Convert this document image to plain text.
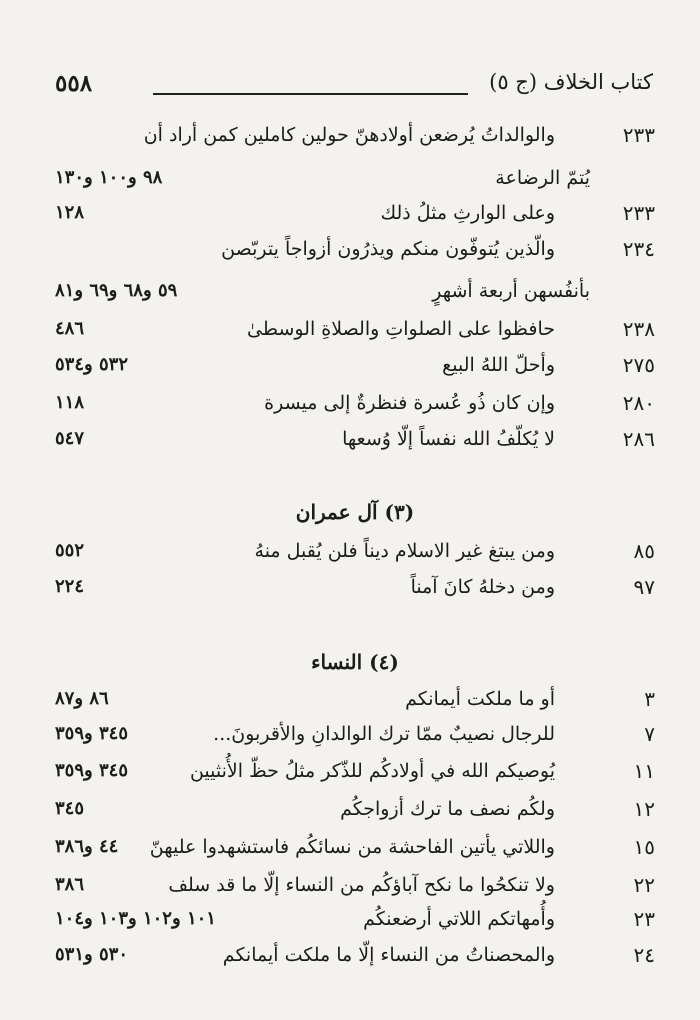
كتاب الخلاف (ج ٥)
٥٥٨
٢٣٣
والوالداتُ يُرضعن أولادهنّ حولين كاملين كمن أراد أن
يُتمّ الرضاعة
٩٨ و١٠٠ و١٣٠
٢٣٣
وعلى الوارثِ مثلُ ذلك
١٢٨
٢٣٤
والّذين يُتوفّون منكم ويذرُون أزواجاً يتربّصن
بأنفُسهن أربعة أشهرٍ
٥٩ و٦٨ و٦٩ و٨١
٢٣٨
حافظوا على الصلواتِ والصلاةِ الوسطىٰ
٤٨٦
٢٧٥
وأحلّ اللهُ البيع
٥٣٢ و٥٣٤
٢٨٠
وإن كان ذُو عُسرة فنظرةٌ إلى ميسرة
١١٨
٢٨٦
لا يُكلّفُ الله نفساً إلّا وُسعها
٥٤٧
(٣) آل عمران
٨٥
ومن يبتغ غير الاسلام ديناً فلن يُقبل منهُ
٥٥٢
٩٧
ومن دخلهُ كانَ آمناً
٢٢٤
(٤) النساء
٣
أو ما ملكت أيمانكم
٨٦ و٨٧
٧
للرجال نصيبٌ ممّا ترك الوالدانِ والأقربونَ...
٣٤٥ و٣٥٩
١١
يُوصيكم الله في أولادكُم للذّكر مثلُ حظّ الأُنثيين
٣٤٥ و٣٥٩
١٢
ولكُم نصف ما ترك أزواجكُم
٣٤٥
١٥
واللاتي يأتين الفاحشة من نسائكُم فاستشهدوا عليهنّ
٤٤ و٣٨٦
٢٢
ولا تنكحُوا ما نكح آباؤكُم من النساء إلّا ما قد سلف
٣٨٦
٢٣
وأُمهاتكم اللاتي أرضعنكُم
١٠١ و١٠٢ و١٠٣ و١٠٤
٢٤
والمحصناتُ من النساء إلّا ما ملكت أيمانكم
٥٣٠ و٥٣١
